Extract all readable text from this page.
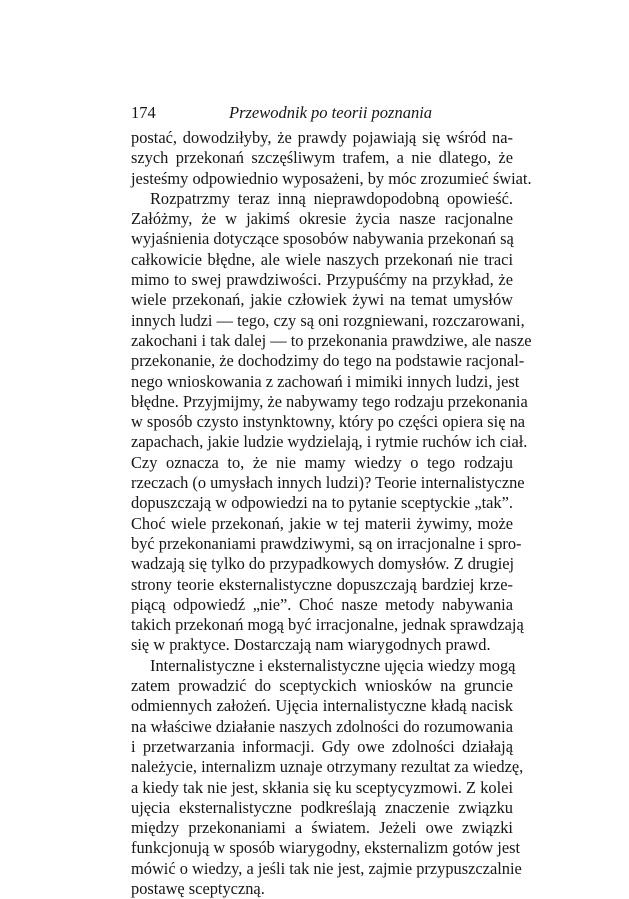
174	Przewodnik po teorii poznania
postać, dowodziłyby, że prawdy pojawiają się wśród na-
szych przekonań szczęśliwym trafem, a nie dlatego, że
jesteśmy odpowiednio wyposażeni, by móc zrozumieć świat.
Rozpatrzmy teraz inną nieprawdopodobną opowieść.
Załóżmy, że w jakimś okresie życia nasze racjonalne
wyjaśnienia dotyczące sposobów nabywania przekonań są
całkowicie błędne, ale wiele naszych przekonań nie traci
mimo to swej prawdziwości. Przypuśćmy na przykład, że
wiele przekonań, jakie człowiek żywi na temat umysłów
innych ludzi — tego, czy są oni rozgniewani, rozczarowani,
zakochani i tak dalej — to przekonania prawdziwe, ale nasze
przekonanie, że dochodzimy do tego na podstawie racjonal-
nego wnioskowania z zachowań i mimiki innych ludzi, jest
błędne. Przyjmijmy, że nabywamy tego rodzaju przekonania
w sposób czysto instynktowny, który po części opiera się na
zapachach, jakie ludzie wydzielają, i rytmie ruchów ich ciał.
Czy oznacza to, że nie mamy wiedzy o tego rodzaju
rzeczach (o umysłach innych ludzi)? Teorie internalistyczne
dopuszczają w odpowiedzi na to pytanie sceptyckie „tak”.
Choć wiele przekonań, jakie w tej materii żywimy, może
być przekonaniami prawdziwymi, są on irracjonalne i spro-
wadzają się tylko do przypadkowych domysłów. Z drugiej
strony teorie eksternalistyczne dopuszczają bardziej krze-
piącą odpowiedź „nie”. Choć nasze metody nabywania
takich przekonań mogą być irracjonalne, jednak sprawdzają
się w praktyce. Dostarczają nam wiarygodnych prawd.
Internalistyczne i eksternalistyczne ujęcia wiedzy mogą
zatem prowadzić do sceptyckich wniosków na gruncie
odmiennych założeń. Ujęcia internalistyczne kładą nacisk
na właściwe działanie naszych zdolności do rozumowania
i przetwarzania informacji. Gdy owe zdolności działają
należycie, internalizm uznaje otrzymany rezultat za wiedzę,
a kiedy tak nie jest, skłania się ku sceptycyzmowi. Z kolei
ujęcia eksternalistyczne podkreślają znaczenie związku
między przekonaniami a światem. Jeżeli owe związki
funkcjonują w sposób wiarygodny, eksternalizm gotów jest
mówić o wiedzy, a jeśli tak nie jest, zajmie przypuszczalnie
postawę sceptyczną.
